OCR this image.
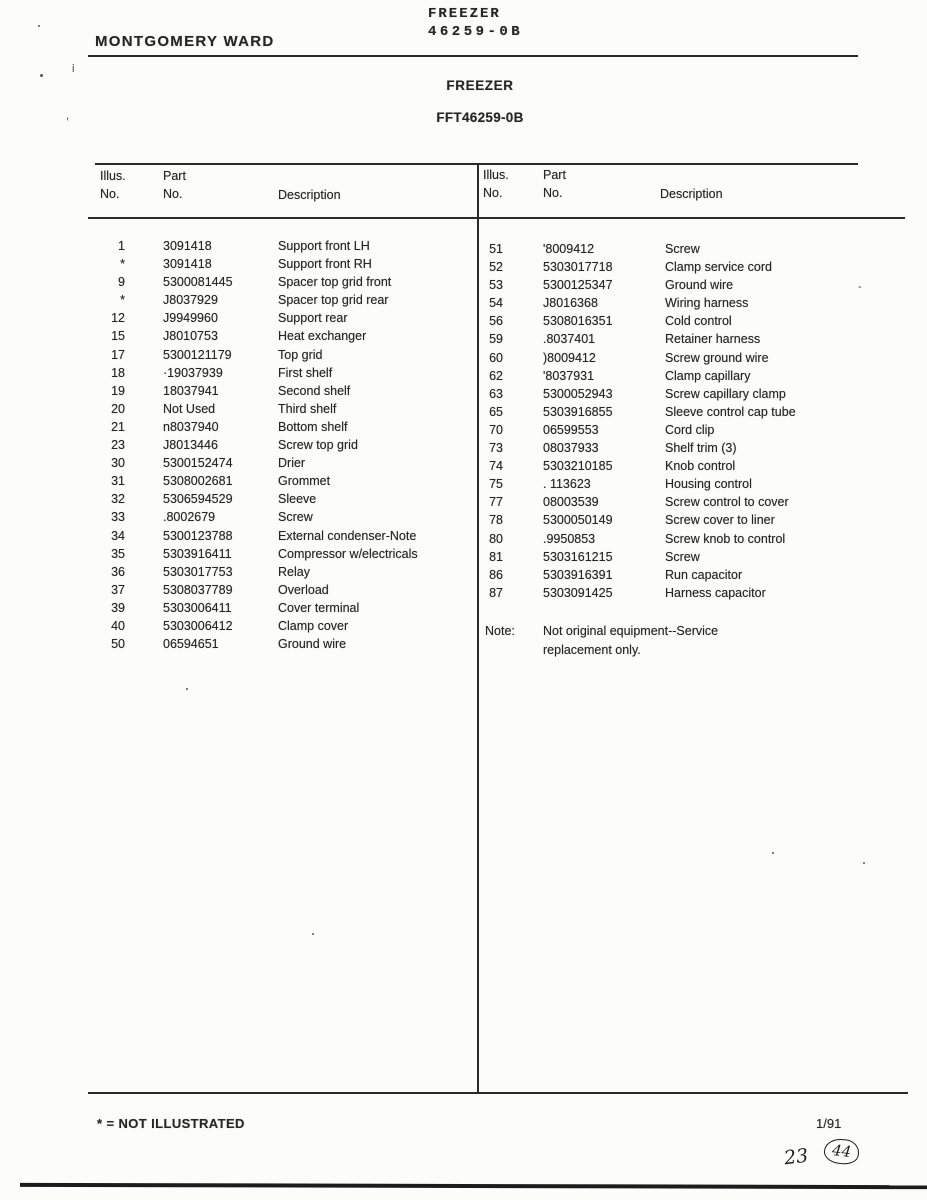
FREEZER
46259-0B
MONTGOMERY WARD
FREEZER
FFT46259-0B
Illus.
No.
Part
No.	Description
Illus.
No.
Part
No.	Description
1	3091418	Support front LH
*	3091418	Support front RH
9	5300081445	Spacer top grid front
*	J8037929	Spacer top grid rear
12	J9949960	Support rear
15	J8010753	Heat exchanger
17	5300121179	Top grid
18	·19037939	First shelf
19	18037941	Second shelf
20	Not Used	Third shelf
21	n8037940	Bottom shelf
23	J8013446	Screw top grid
30	5300152474	Drier
31	5308002681	Grommet
32	5306594529	Sleeve
33	.8002679	Screw
34	5300123788	External condenser-Note
35	5303916411	Compressor w/electricals
36	5303017753	Relay
37	5308037789	Overload
39	5303006411	Cover terminal
40	5303006412	Clamp cover
50	06594651	Ground wire
51	'8009412	Screw
52	5303017718	Clamp service cord
53	5300125347	Ground wire
54	J8016368	Wiring harness
56	5308016351	Cold control
59	.8037401	Retainer harness
60	)8009412	Screw ground wire
62	'8037931	Clamp capillary
63	5300052943	Screw capillary clamp
65	5303916855	Sleeve control cap tube
70	06599553	Cord clip
73	08037933	Shelf trim (3)
74	5303210185	Knob control
75	. 113623	Housing control
77	08003539	Screw control to cover
78	5300050149	Screw cover to liner
80	.9950853	Screw knob to control
81	5303161215	Screw
86	5303916391	Run capacitor
87	5303091425	Harness capacitor
Note:	Not original equipment--Service
replacement only.
* = NOT ILLUSTRATED	1/91
23	44
i
,
-
